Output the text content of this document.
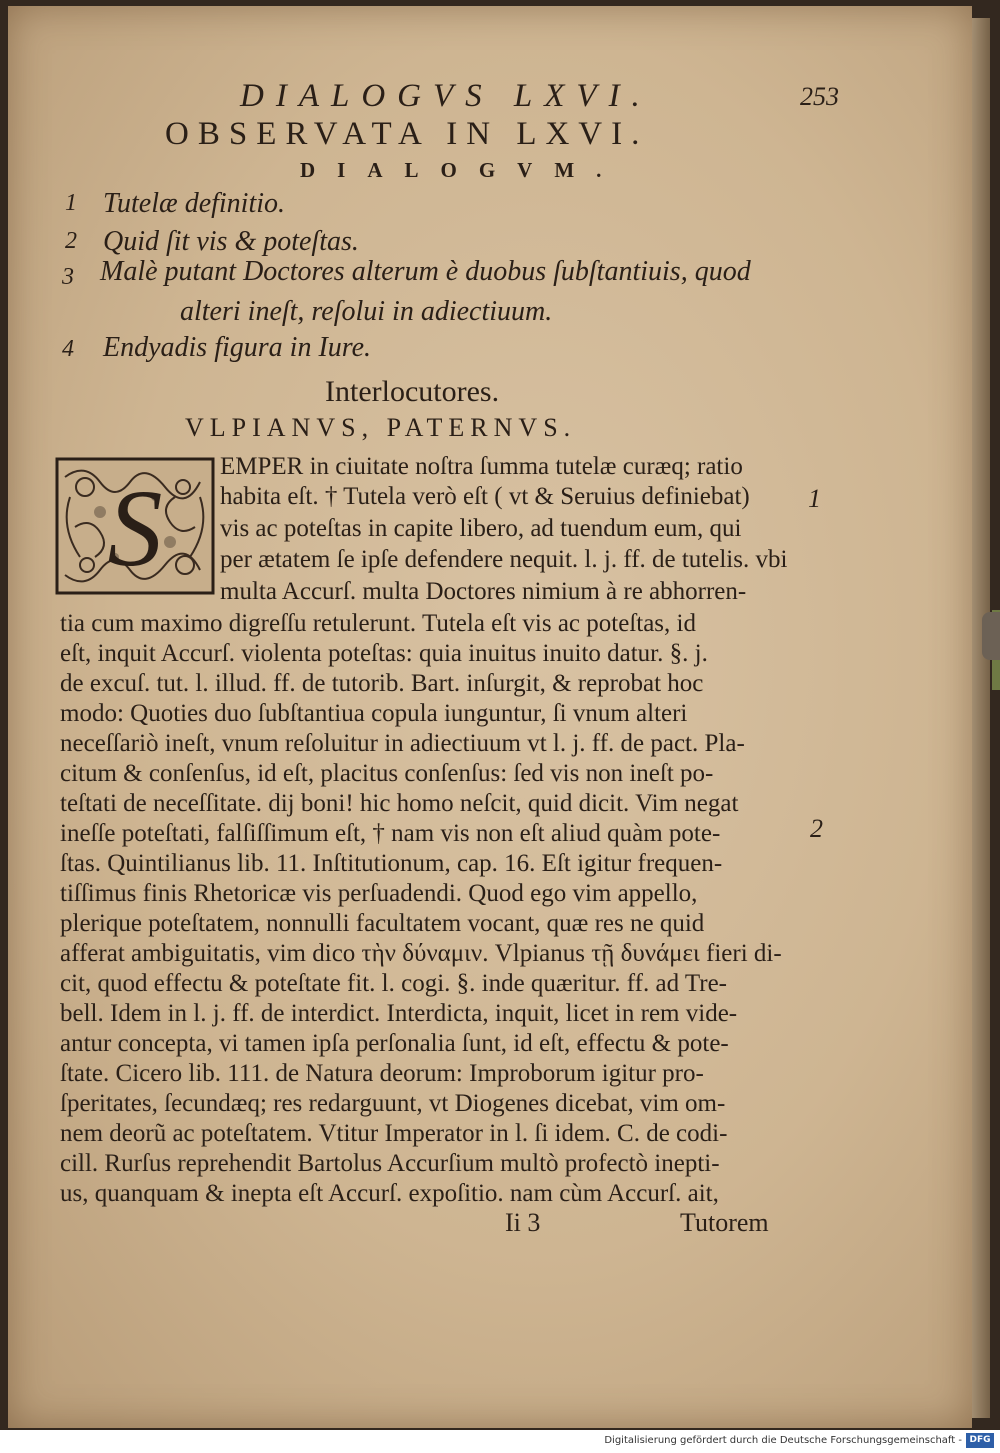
DIALOGVS LXVI.	253
OBSERVATA IN LXVI.
DIALOGVM.
1 Tutelæ definitio.
2 Quid ſit vis & poteſtas.
3 Malè putant Doctores alterum è duobus ſubſtantiuis, quod
alteri ineſt, reſolui in adiectiuum.
4 Endyadis figura in Iure.
Interlocutores.
VLPIANVS, PATERNVS.
S
EMPER in ciuitate noſtra ſumma tutelæ curæq; ratio
habita eſt. † Tutela verò eſt ( vt & Seruius definiebat)
vis ac poteſtas in capite libero, ad tuendum eum, qui
per ætatem ſe ipſe defendere nequit. l. j. ff. de tutelis. vbi
multa Accurſ. multa Doctores nimium à re abhorren-
tia cum maximo digreſſu retulerunt. Tutela eſt vis ac poteſtas, id
eſt, inquit Accurſ. violenta poteſtas: quia inuitus inuito datur. §. j.
de excuſ. tut. l. illud. ff. de tutorib. Bart. inſurgit, & reprobat hoc
modo: Quoties duo ſubſtantiua copula iunguntur, ſi vnum alteri
neceſſariò ineſt, vnum reſoluitur in adiectiuum vt l. j. ff. de pact. Pla-
citum & conſenſus, id eſt, placitus conſenſus: ſed vis non ineſt po-
teſtati de neceſſitate. dij boni! hic homo neſcit, quid dicit. Vim negat
ineſſe poteſtati, falſiſſimum eſt, † nam vis non eſt aliud quàm pote-
ſtas. Quintilianus lib. 11. Inſtitutionum, cap. 16. Eſt igitur frequen-
tiſſimus finis Rhetoricæ vis perſuadendi. Quod ego vim appello,
plerique poteſtatem, nonnulli facultatem vocant, quæ res ne quid
afferat ambiguitatis, vim dico τὴν δύναμιν. Vlpianus τῇ δυνάμει fieri di-
cit, quod effectu & poteſtate fit. l. cogi. §. inde quæritur. ff. ad Tre-
bell. Idem in l. j. ff. de interdict. Interdicta, inquit, licet in rem vide-
antur concepta, vi tamen ipſa perſonalia ſunt, id eſt, effectu & pote-
ſtate. Cicero lib. 111. de Natura deorum: Improborum igitur pro-
ſperitates, ſecundæq; res redarguunt, vt Diogenes dicebat, vim om-
nem deorũ ac poteſtatem. Vtitur Imperator in l. ſi idem. C. de codi-
cill. Rurſus reprehendit Bartolus Accurſium multò profectò inepti-
us, quanquam & inepta eſt Accurſ. expoſitio. nam cùm Accurſ. ait,
1
2
Ii 3	Tutorem
Digitalisierung gefördert durch die Deutsche Forschungsgemeinschaft - DFG
